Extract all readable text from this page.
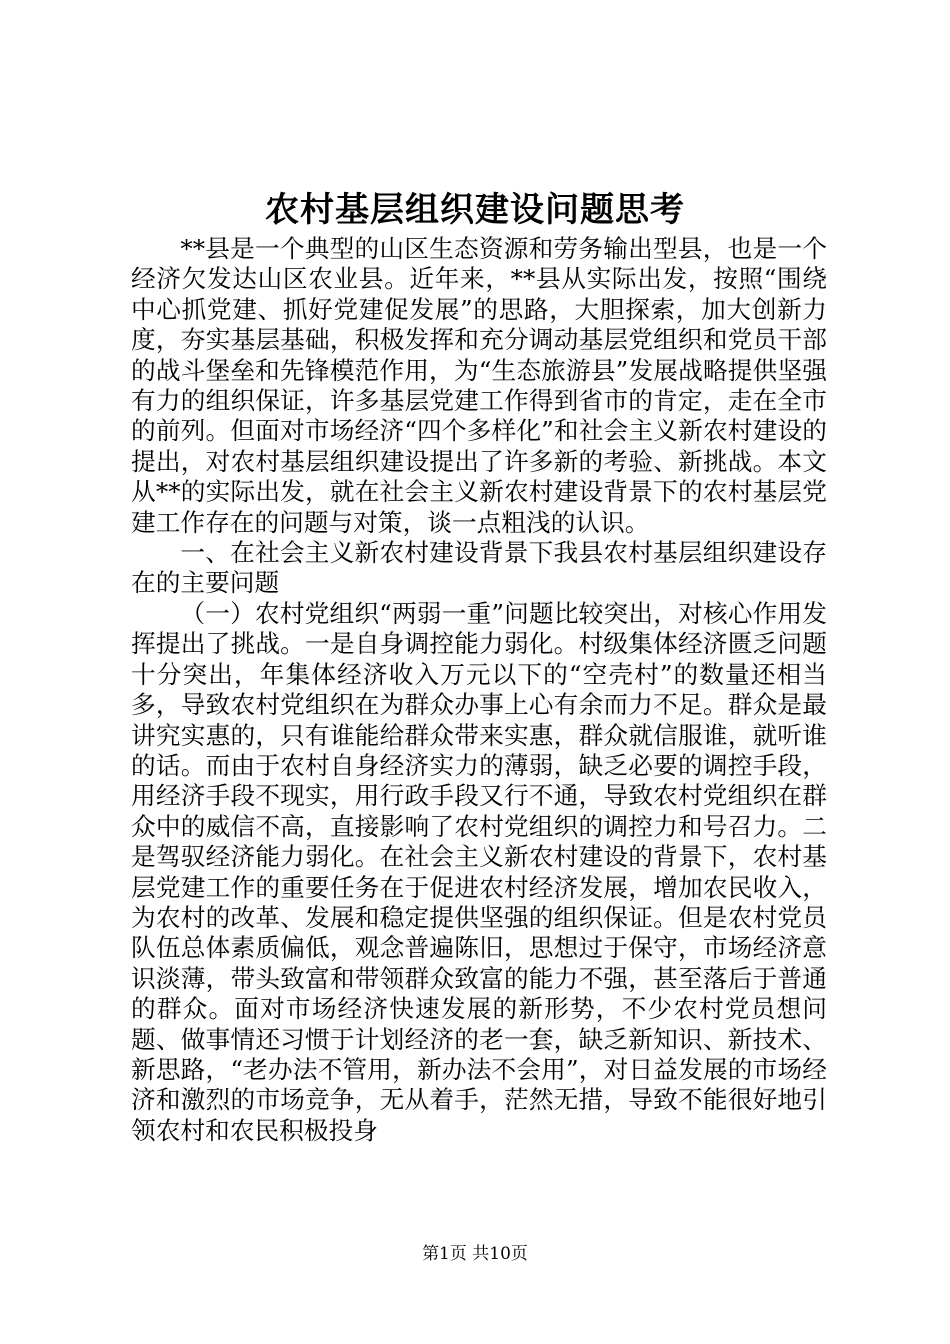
农村基层组织建设问题思考

**县是一个典型的山区生态资源和劳务输出型县，也是一个经济欠发达山区农业县。近年来，**县从实际出发，按照“围绕中心抓党建、抓好党建促发展”的思路，大胆探索，加大创新力度，夯实基层基础，积极发挥和充分调动基层党组织和党员干部的战斗堡垒和先锋模范作用，为“生态旅游县”发展战略提供坚强有力的组织保证，许多基层党建工作得到省市的肯定，走在全市的前列。但面对市场经济“四个多样化”和社会主义新农村建设的提出，对农村基层组织建设提出了许多新的考验、新挑战。本文从**的实际出发，就在社会主义新农村建设背景下的农村基层党建工作存在的问题与对策，谈一点粗浅的认识。

一、在社会主义新农村建设背景下我县农村基层组织建设存在的主要问题

（一）农村党组织“两弱一重”问题比较突出，对核心作用发挥提出了挑战。一是自身调控能力弱化。村级集体经济匮乏问题十分突出，年集体经济收入万元以下的“空壳村”的数量还相当多，导致农村党组织在为群众办事上心有余而力不足。群众是最讲究实惠的，只有谁能给群众带来实惠，群众就信服谁，就听谁的话。而由于农村自身经济实力的薄弱，缺乏必要的调控手段，用经济手段不现实，用行政手段又行不通，导致农村党组织在群众中的威信不高，直接影响了农村党组织的调控力和号召力。二是驾驭经济能力弱化。在社会主义新农村建设的背景下，农村基层党建工作的重要任务在于促进农村经济发展，增加农民收入，为农村的改革、发展和稳定提供坚强的组织保证。但是农村党员队伍总体素质偏低，观念普遍陈旧，思想过于保守，市场经济意识淡薄，带头致富和带领群众致富的能力不强，甚至落后于普通的群众。面对市场经济快速发展的新形势，不少农村党员想问题、做事情还习惯于计划经济的老一套，缺乏新知识、新技术、新思路，“老办法不管用，新办法不会用”，对日益发展的市场经济和激烈的市场竞争，无从着手，茫然无措，导致不能很好地引领农村和农民积极投身

第1页 共10页
